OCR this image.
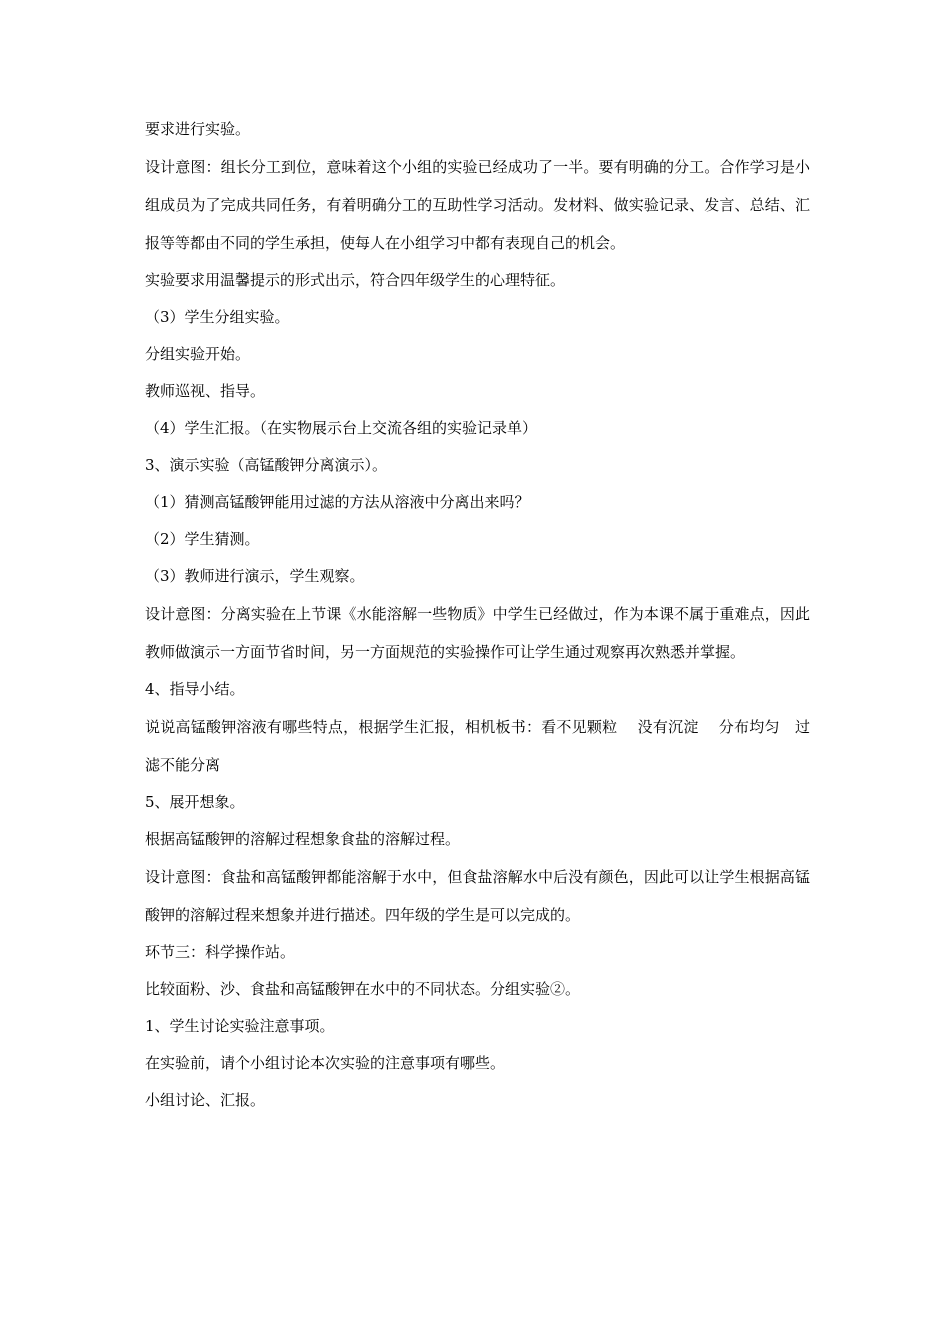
要求进行实验。

设计意图：组长分工到位，意味着这个小组的实验已经成功了一半。要有明确的分工。合作学习是小组成员为了完成共同任务，有着明确分工的互助性学习活动。发材料、做实验记录、发言、总结、汇报等等都由不同的学生承担，使每人在小组学习中都有表现自己的机会。

实验要求用温馨提示的形式出示，符合四年级学生的心理特征。

（3）学生分组实验。

分组实验开始。

教师巡视、指导。

（4）学生汇报。（在实物展示台上交流各组的实验记录单）

3、演示实验（高锰酸钾分离演示）。

（1）猜测高锰酸钾能用过滤的方法从溶液中分离出来吗？

（2）学生猜测。

（3）教师进行演示，学生观察。

设计意图：分离实验在上节课《水能溶解一些物质》中学生已经做过，作为本课不属于重难点，因此教师做演示一方面节省时间，另一方面规范的实验操作可让学生通过观察再次熟悉并掌握。

4、指导小结。

说说高锰酸钾溶液有哪些特点，根据学生汇报，相机板书：看不见颗粒　 没有沉淀　 分布均匀　过滤不能分离

5、展开想象。

根据高锰酸钾的溶解过程想象食盐的溶解过程。

设计意图：食盐和高锰酸钾都能溶解于水中，但食盐溶解水中后没有颜色，因此可以让学生根据高锰酸钾的溶解过程来想象并进行描述。四年级的学生是可以完成的。

环节三：科学操作站。

比较面粉、沙、食盐和高锰酸钾在水中的不同状态。分组实验②。

1、学生讨论实验注意事项。

在实验前，请个小组讨论本次实验的注意事项有哪些。

小组讨论、汇报。
